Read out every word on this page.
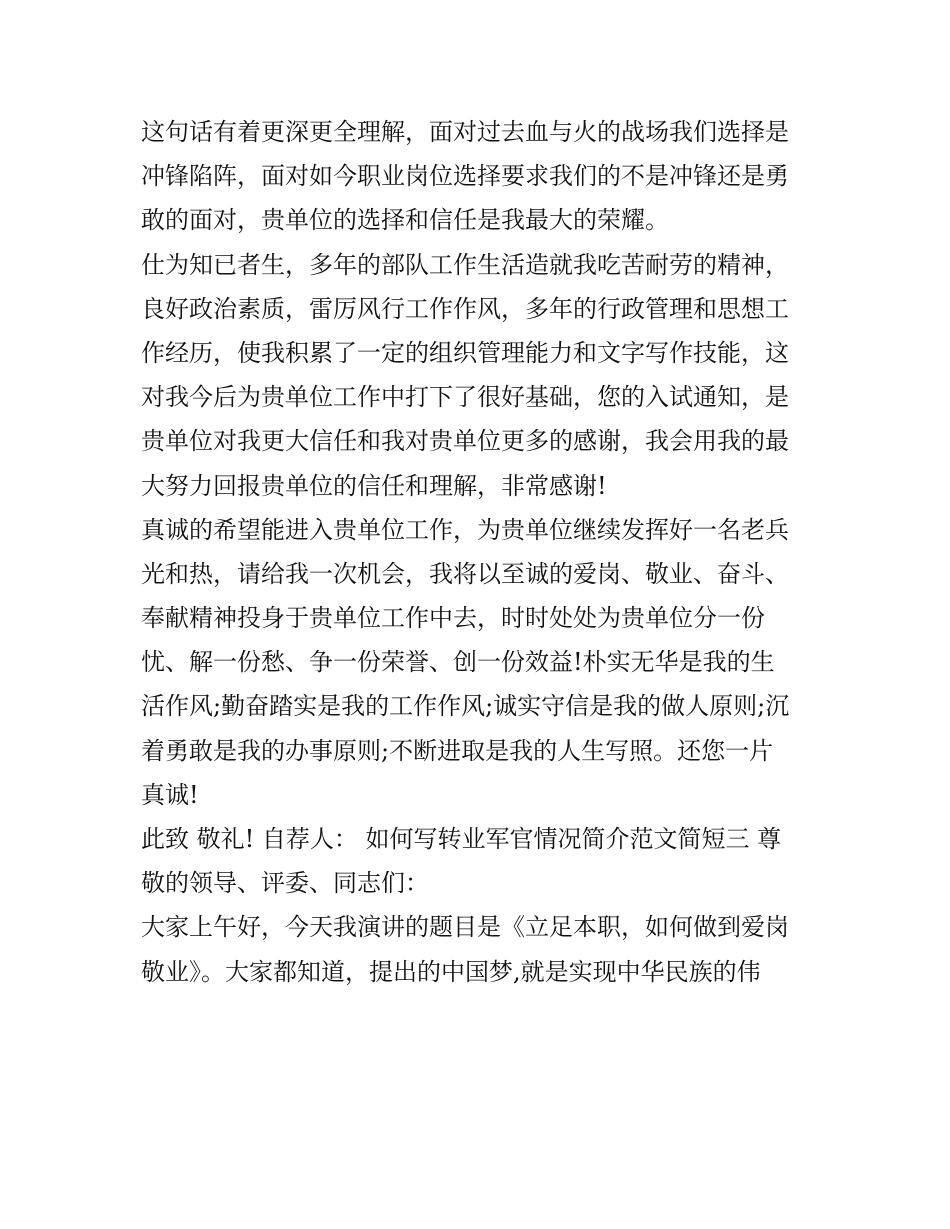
这句话有着更深更全理解，面对过去血与火的战场我们选择是
冲锋陷阵，面对如今职业岗位选择要求我们的不是冲锋还是勇
敢的面对，贵单位的选择和信任是我最大的荣耀。
仕为知已者生，多年的部队工作生活造就我吃苦耐劳的精神，
良好政治素质，雷厉风行工作作风，多年的行政管理和思想工
作经历，使我积累了一定的组织管理能力和文字写作技能，这
对我今后为贵单位工作中打下了很好基础，您的入试通知，是
贵单位对我更大信任和我对贵单位更多的感谢，我会用我的最
大努力回报贵单位的信任和理解，非常感谢!
真诚的希望能进入贵单位工作，为贵单位继续发挥好一名老兵
光和热，请给我一次机会，我将以至诚的爱岗、敬业、奋斗、
奉献精神投身于贵单位工作中去，时时处处为贵单位分一份
忧、解一份愁、争一份荣誉、创一份效益!朴实无华是我的生
活作风;勤奋踏实是我的工作作风;诚实守信是我的做人原则;沉
着勇敢是我的办事原则;不断进取是我的人生写照。还您一片
真诚!
此致 敬礼! 自荐人： 如何写转业军官情况简介范文简短三 尊
敬的领导、评委、同志们：
大家上午好，今天我演讲的题目是《立足本职，如何做到爱岗
敬业》。大家都知道，提出的中国梦,就是实现中华民族的伟
